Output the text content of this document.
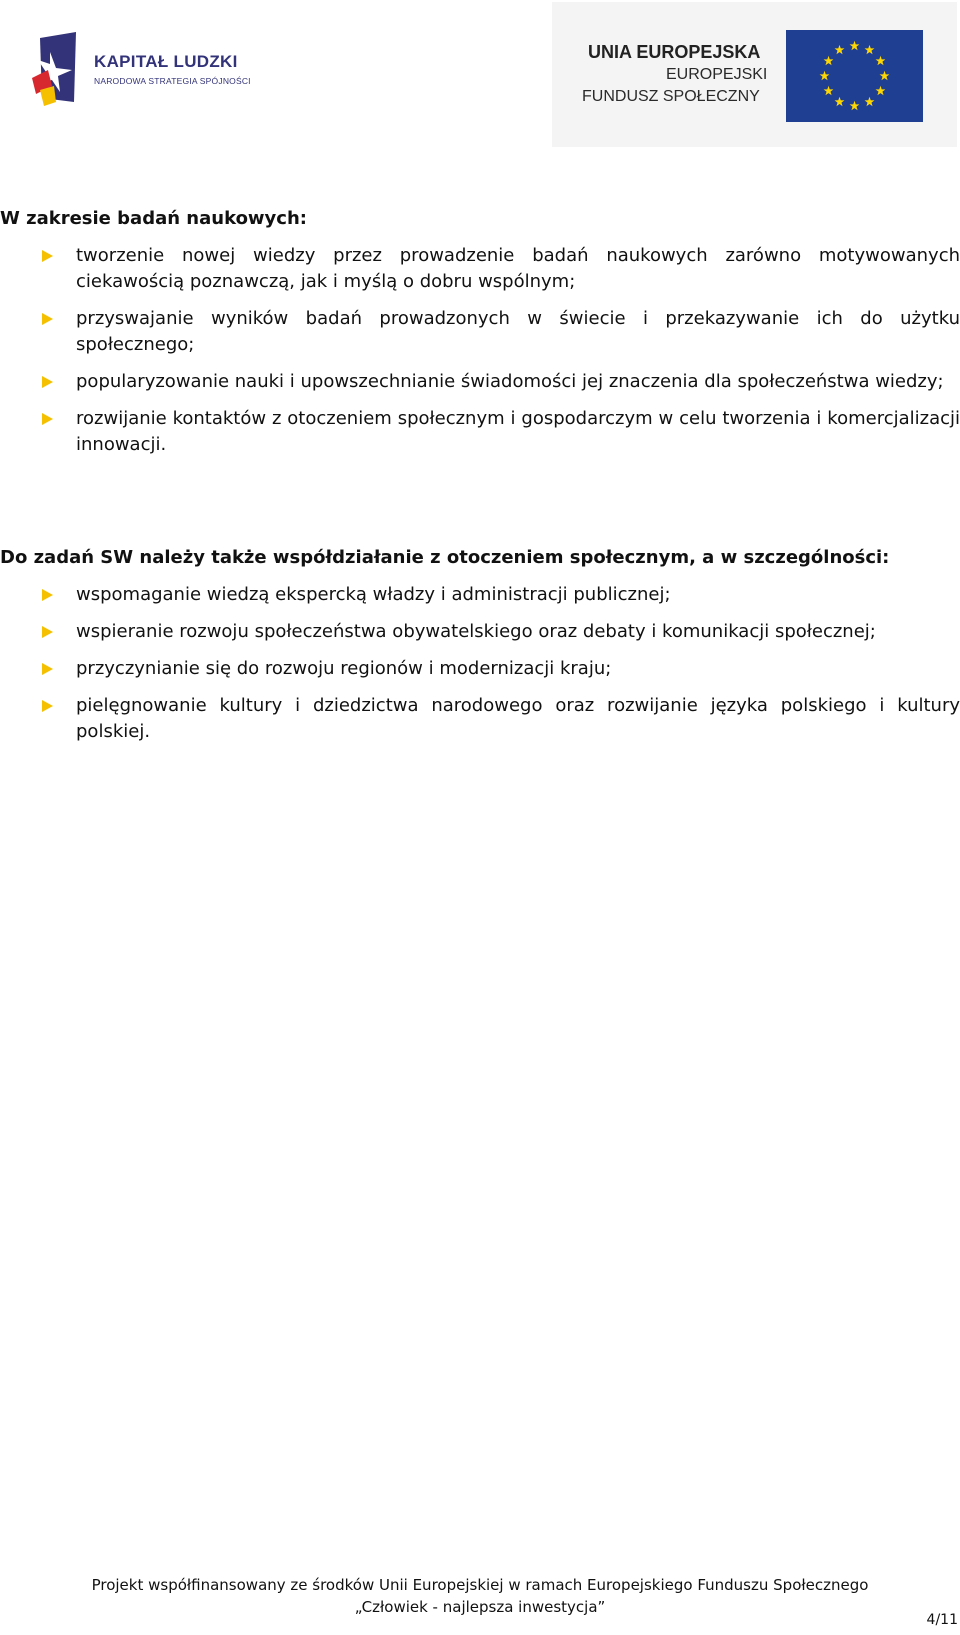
KAPITAŁ LUDZKI
NARODOWA STRATEGIA SPÓJNOŚCI
UNIA EUROPEJSKA
EUROPEJSKI
FUNDUSZ SPOŁECZNY
W zakresie badań naukowych:
tworzenie nowej wiedzy przez prowadzenie badań naukowych zarówno motywowanych ciekawością poznawczą, jak i myślą o dobru wspólnym;
przyswajanie wyników badań prowadzonych w świecie i przekazywanie ich do użytku społecznego;
popularyzowanie nauki i upowszechnianie świadomości jej znaczenia dla społeczeństwa wiedzy;
rozwijanie kontaktów z otoczeniem społecznym i gospodarczym w celu tworzenia i komercjalizacji innowacji.
Do zadań SW należy także współdziałanie z otoczeniem społecznym, a w szczególności:
wspomaganie wiedzą ekspercką władzy i administracji publicznej;
wspieranie rozwoju społeczeństwa obywatelskiego oraz debaty i komunikacji społecznej;
przyczynianie się do rozwoju regionów i modernizacji kraju;
pielęgnowanie kultury i dziedzictwa narodowego oraz rozwijanie języka polskiego i kultury polskiej.
Projekt współfinansowany ze środków Unii Europejskiej w ramach Europejskiego Funduszu Społecznego
„Człowiek - najlepsza inwestycja”
4/11
